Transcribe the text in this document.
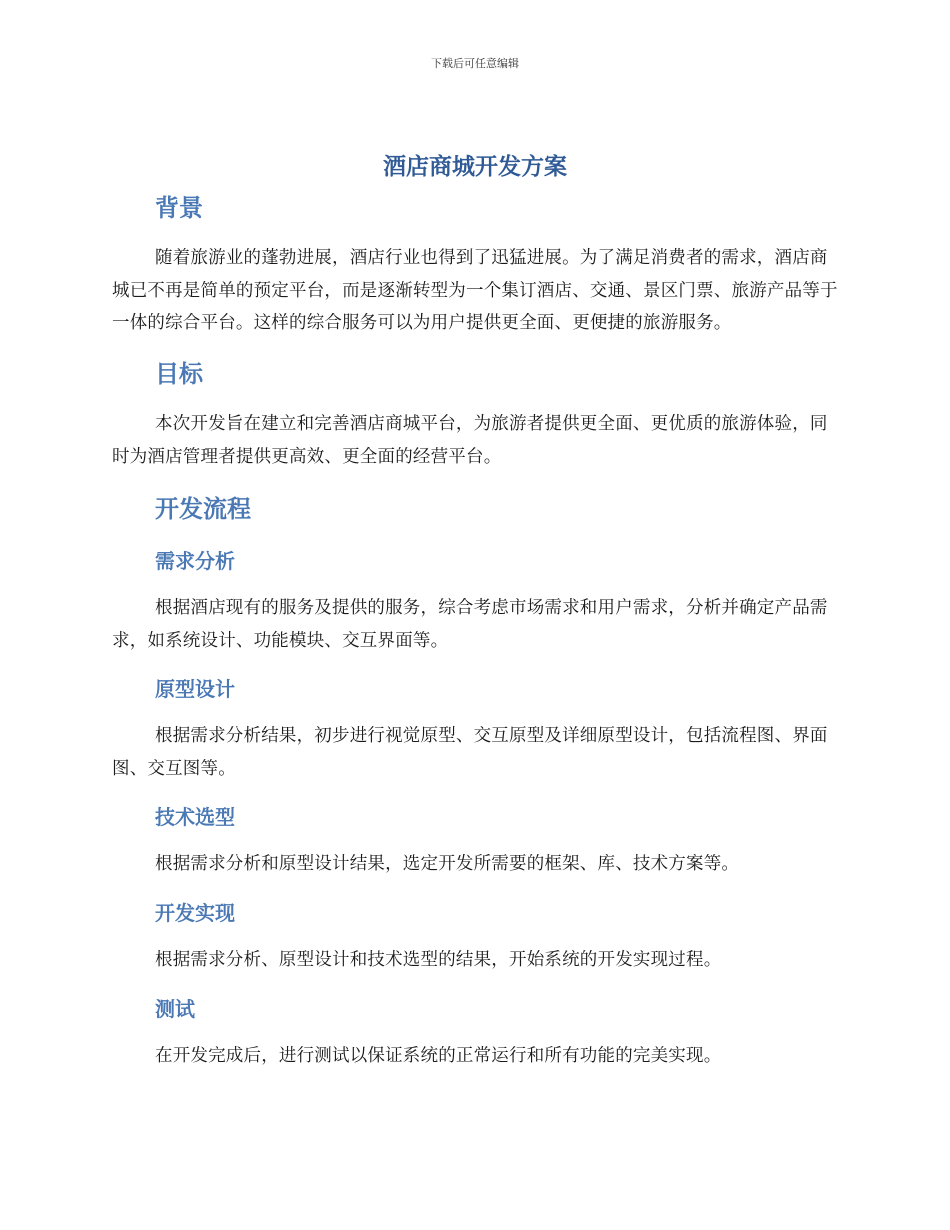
下载后可任意编辑
酒店商城开发方案
背景

随着旅游业的蓬勃进展，酒店行业也得到了迅猛进展。为了满足消费者的需求，酒店商城已不再是简单的预定平台，而是逐渐转型为一个集订酒店、交通、景区门票、旅游产品等于一体的综合平台。这样的综合服务可以为用户提供更全面、更便捷的旅游服务。

目标

本次开发旨在建立和完善酒店商城平台，为旅游者提供更全面、更优质的旅游体验，同时为酒店管理者提供更高效、更全面的经营平台。

开发流程
需求分析

根据酒店现有的服务及提供的服务，综合考虑市场需求和用户需求，分析并确定产品需求，如系统设计、功能模块、交互界面等。

原型设计

根据需求分析结果，初步进行视觉原型、交互原型及详细原型设计，包括流程图、界面图、交互图等。

技术选型

根据需求分析和原型设计结果，选定开发所需要的框架、库、技术方案等。

开发实现

根据需求分析、原型设计和技术选型的结果，开始系统的开发实现过程。

测试

在开发完成后，进行测试以保证系统的正常运行和所有功能的完美实现。
